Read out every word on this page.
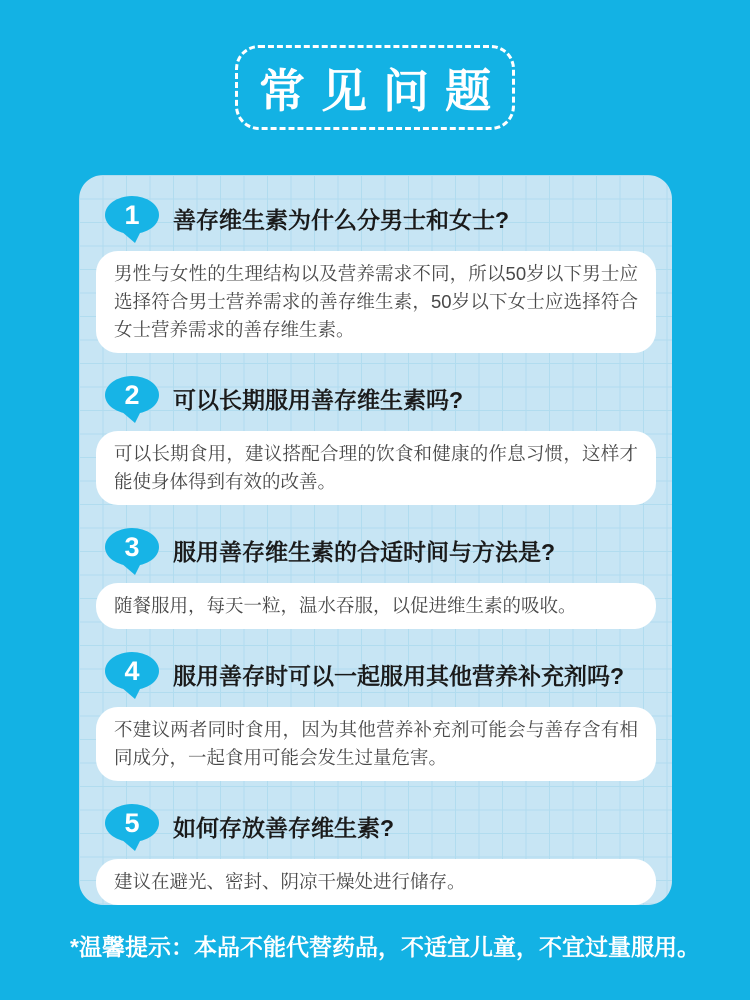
常见问题
1 善存维生素为什么分男士和女士?
男性与女性的生理结构以及营养需求不同，所以50岁以下男士应选择符合男士营养需求的善存维生素，50岁以下女士应选择符合女士营养需求的善存维生素。
2 可以长期服用善存维生素吗?
可以长期食用，建议搭配合理的饮食和健康的作息习惯，这样才能使身体得到有效的改善。
3 服用善存维生素的合适时间与方法是?
随餐服用，每天一粒，温水吞服，以促进维生素的吸收。
4 服用善存时可以一起服用其他营养补充剂吗?
不建议两者同时食用，因为其他营养补充剂可能会与善存含有相同成分，一起食用可能会发生过量危害。
5 如何存放善存维生素?
建议在避光、密封、阴凉干燥处进行储存。
*温馨提示：本品不能代替药品，不适宜儿童，不宜过量服用。
